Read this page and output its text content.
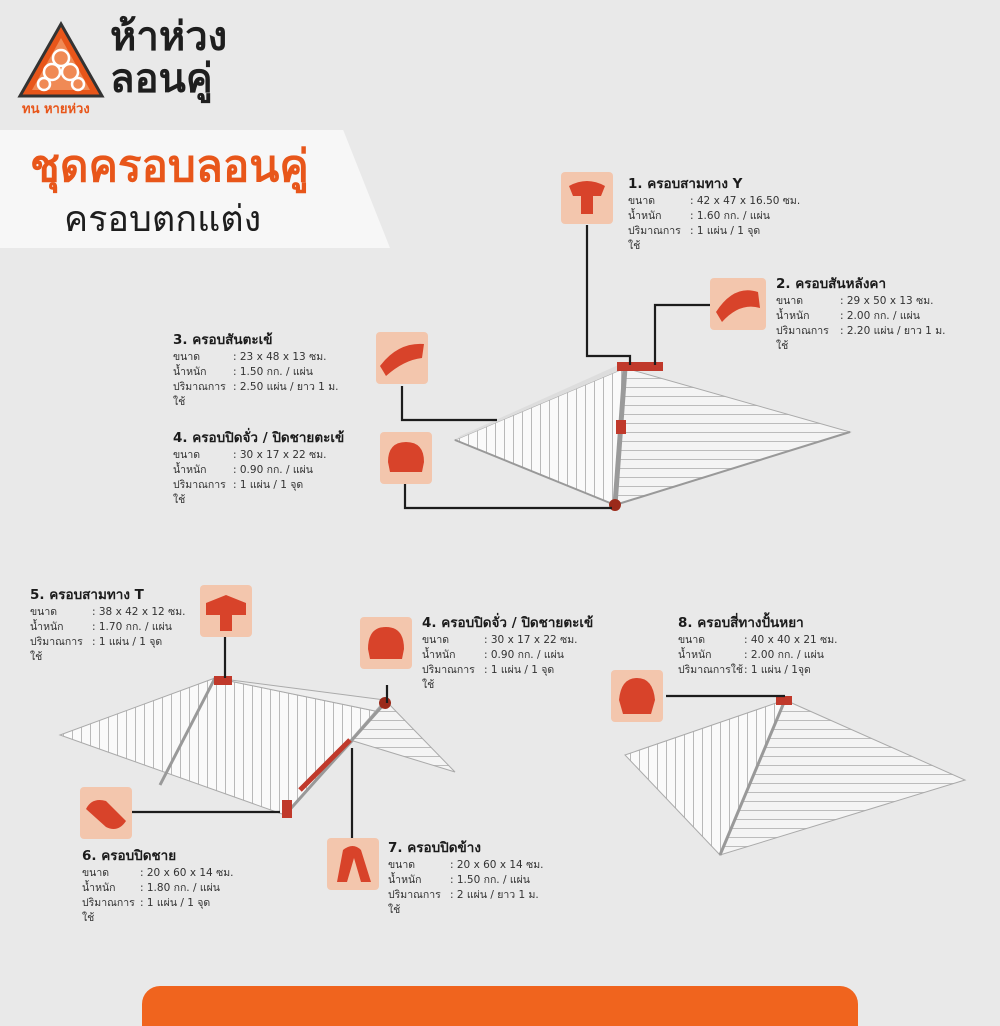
ห้าห่วง
ลอนคู่
ทน หายห่วง
ชุดครอบลอนคู่
ครอบตกแต่ง
1. ครอบสามทาง Y
ขนาด	: 42 x 47 x 16.50 ซม.
น้ำหนัก	: 1.60 กก. / แผ่น
ปริมาณการใช้
: 1 แผ่น / 1 จุด
2. ครอบสันหลังคา
ขนาด	: 29 x 50 x 13 ซม.
น้ำหนัก	: 2.00 กก. / แผ่น
ปริมาณการใช้
: 2.20 แผ่น / ยาว 1 ม.
3. ครอบสันตะเข้
ขนาด	: 23 x 48 x 13 ซม.
น้ำหนัก	: 1.50 กก. / แผ่น
ปริมาณการใช้
: 2.50 แผ่น / ยาว 1 ม.
4. ครอบปิดจั่ว / ปิดชายตะเข้
ขนาด	: 30 x 17 x 22 ซม.
น้ำหนัก	: 0.90 กก. / แผ่น
ปริมาณการใช้
: 1 แผ่น / 1 จุด
5. ครอบสามทาง T
ขนาด	: 38 x 42 x 12 ซม.
น้ำหนัก	: 1.70 กก. / แผ่น
ปริมาณการใช้
: 1 แผ่น / 1 จุด
4. ครอบปิดจั่ว / ปิดชายตะเข้
ขนาด	: 30 x 17 x 22 ซม.
น้ำหนัก	: 0.90 กก. / แผ่น
ปริมาณการใช้
: 1 แผ่น / 1 จุด
8. ครอบสี่ทางปั้นหยา
ขนาด	: 40 x 40 x 21 ซม.
น้ำหนัก	: 2.00 กก. / แผ่น
ปริมาณการใช้ : 1 แผ่น / 1จุด
6. ครอบปิดชาย
ขนาด	: 20 x 60 x 14 ซม.
น้ำหนัก	: 1.80 กก. / แผ่น
ปริมาณการใช้
: 1 แผ่น / 1 จุด
7. ครอบปิดข้าง
ขนาด	: 20 x 60 x 14 ซม.
น้ำหนัก	: 1.50 กก. / แผ่น
ปริมาณการใช้
: 2 แผ่น / ยาว 1 ม.
